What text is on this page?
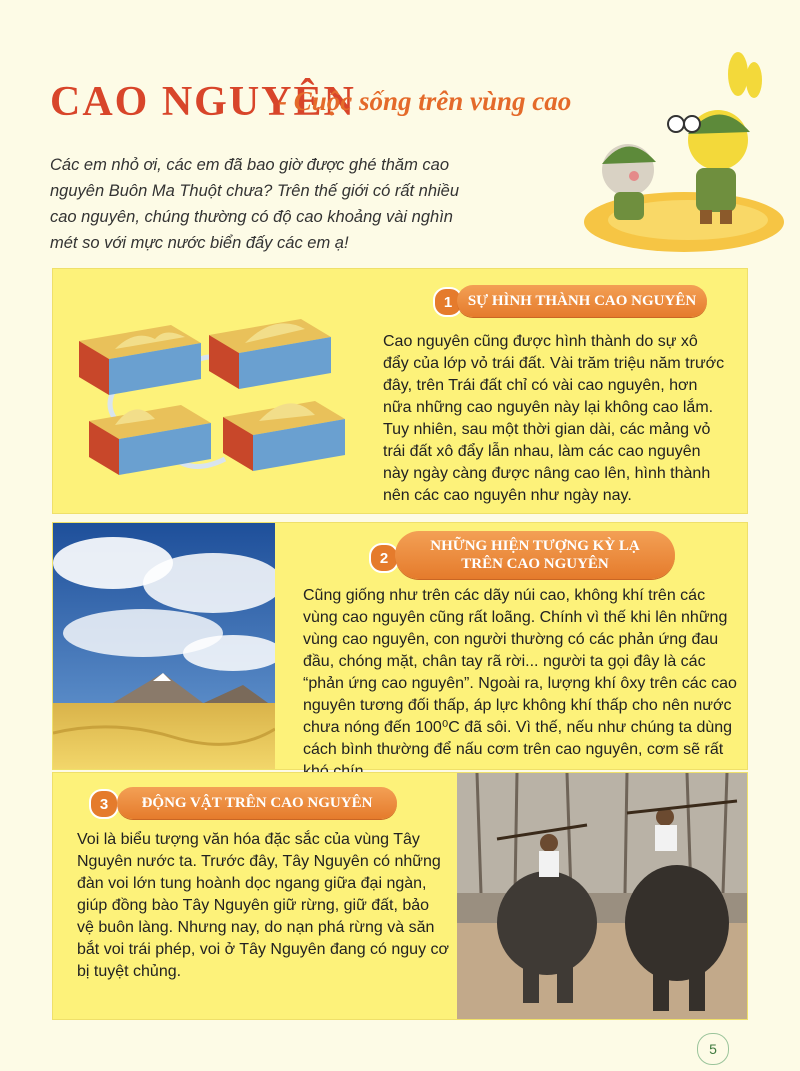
CAO NGUYÊN
- Cuộc sống trên vùng cao
Các em nhỏ ơi, các em đã bao giờ được ghé thăm cao nguyên Buôn Ma Thuột chưa? Trên thế giới có rất nhiều cao nguyên, chúng thường có độ cao khoảng vài nghìn mét so với mực nước biển đấy các em ạ!
1	SỰ HÌNH THÀNH CAO NGUYÊN
Cao nguyên cũng được hình thành do sự xô đẩy của lớp vỏ trái đất. Vài trăm triệu năm trước đây, trên Trái đất chỉ có vài cao nguyên, hơn nữa những cao nguyên này lại không cao lắm. Tuy nhiên, sau một thời gian dài, các mảng vỏ trái đất xô đẩy lẫn nhau, làm các cao nguyên này ngày càng được nâng cao lên, hình thành nên các cao nguyên như ngày nay.
2
NHỮNG HIỆN TƯỢNG KỲ LẠ
TRÊN CAO NGUYÊN
Cũng giống như trên các dãy núi cao, không khí trên các vùng cao nguyên cũng rất loãng. Chính vì thế khi lên những vùng cao nguyên, con người thường có các phản ứng đau đầu, chóng mặt, chân tay rã rời... người ta gọi đây là các “phản ứng cao nguyên”. Ngoài ra, lượng khí ôxy trên các cao nguyên tương đối thấp, áp lực không khí thấp cho nên nước chưa nóng đến 100⁰C đã sôi. Vì thế, nếu như chúng ta dùng cách bình thường để nấu cơm trên cao nguyên, cơm sẽ rất
3	ĐỘNG VẬT TRÊN CAO NGUYÊN
Voi là biểu tượng văn hóa đặc sắc của vùng Tây Nguyên nước ta. Trước đây, Tây Nguyên có những đàn voi lớn tung hoành dọc ngang giữa đại ngàn, giúp đồng bào Tây Nguyên giữ rừng, giữ đất, bảo vệ buôn làng. Nhưng nay, do nạn phá rừng và săn bắt voi trái phép, voi ở Tây Nguyên đang có nguy cơ bị tuyệt chủng.
5
